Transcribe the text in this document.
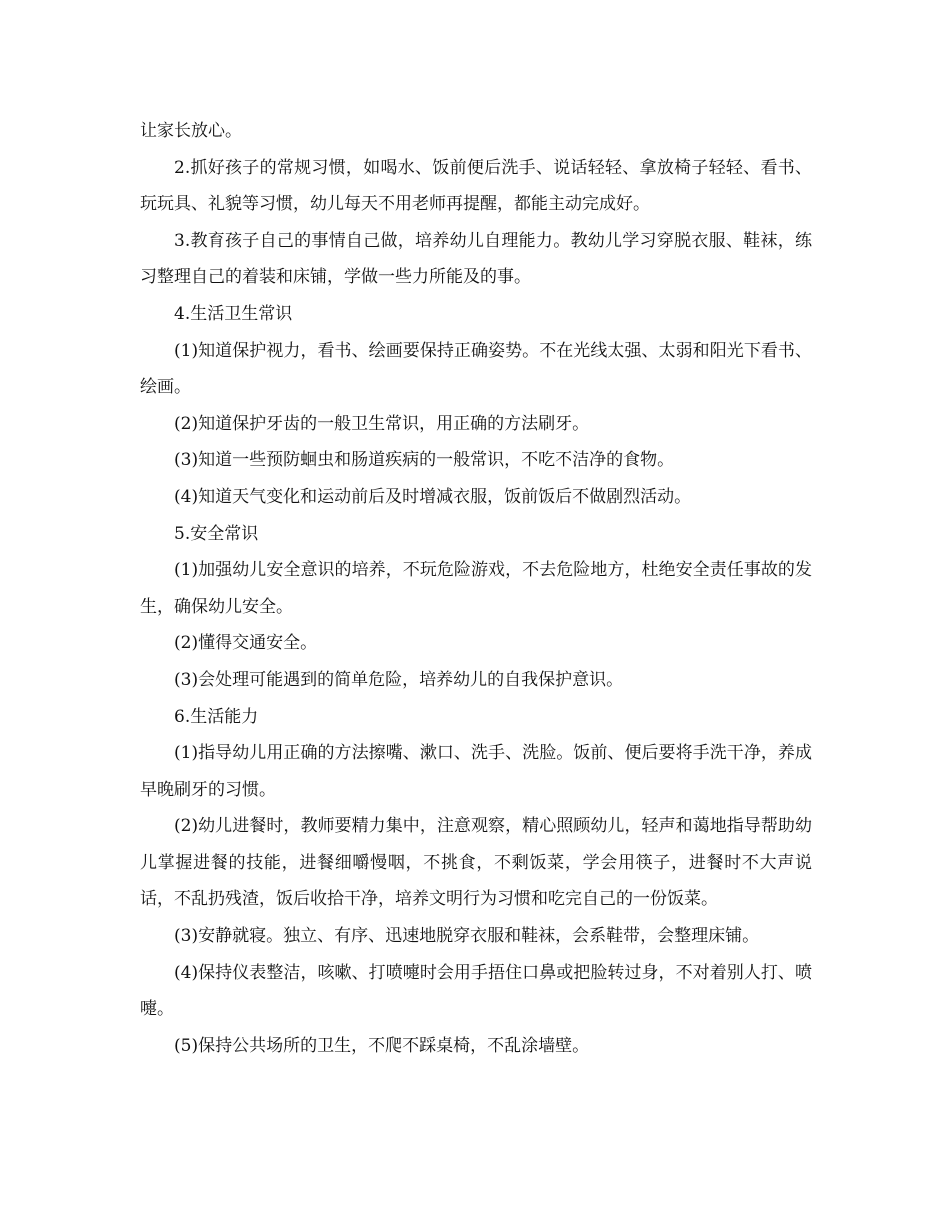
让家长放心。

2.抓好孩子的常规习惯，如喝水、饭前便后洗手、说话轻轻、拿放椅子轻轻、看书、玩玩具、礼貌等习惯，幼儿每天不用老师再提醒，都能主动完成好。

3.教育孩子自己的事情自己做，培养幼儿自理能力。教幼儿学习穿脱衣服、鞋袜，练习整理自己的着装和床铺，学做一些力所能及的事。

4.生活卫生常识

(1)知道保护视力，看书、绘画要保持正确姿势。不在光线太强、太弱和阳光下看书、绘画。

(2)知道保护牙齿的一般卫生常识，用正确的方法刷牙。

(3)知道一些预防蛔虫和肠道疾病的一般常识，不吃不洁净的食物。

(4)知道天气变化和运动前后及时增减衣服，饭前饭后不做剧烈活动。

5.安全常识

(1)加强幼儿安全意识的培养，不玩危险游戏，不去危险地方，杜绝安全责任事故的发生，确保幼儿安全。

(2)懂得交通安全。

(3)会处理可能遇到的简单危险，培养幼儿的自我保护意识。

6.生活能力

(1)指导幼儿用正确的方法擦嘴、漱口、洗手、洗脸。饭前、便后要将手洗干净，养成早晚刷牙的习惯。

(2)幼儿进餐时，教师要精力集中，注意观察，精心照顾幼儿，轻声和蔼地指导帮助幼儿掌握进餐的技能，进餐细嚼慢咽，不挑食，不剩饭菜，学会用筷子，进餐时不大声说话，不乱扔残渣，饭后收拾干净，培养文明行为习惯和吃完自己的一份饭菜。

(3)安静就寝。独立、有序、迅速地脱穿衣服和鞋袜，会系鞋带，会整理床铺。

(4)保持仪表整洁，咳嗽、打喷嚏时会用手捂住口鼻或把脸转过身，不对着别人打、喷嚏。

(5)保持公共场所的卫生，不爬不踩桌椅，不乱涂墙壁。
